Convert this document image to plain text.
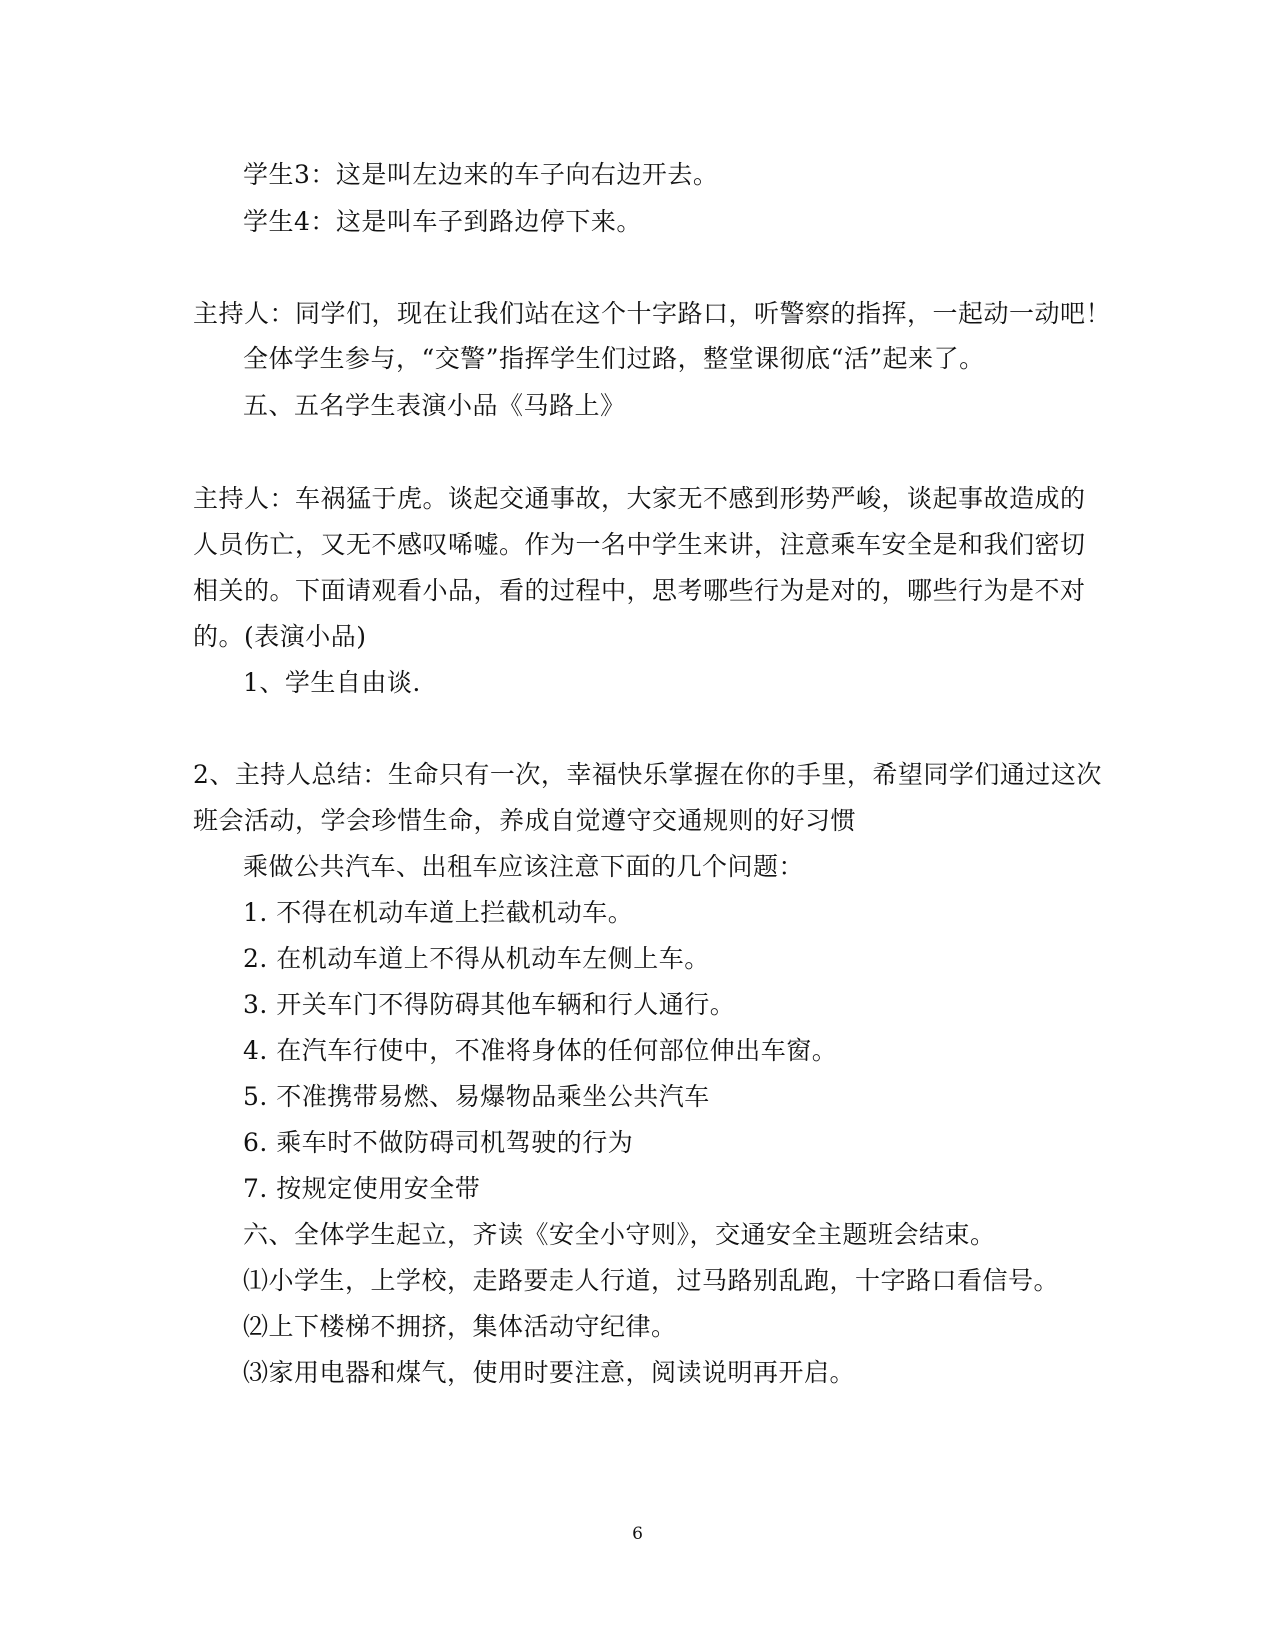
学生3：这是叫左边来的车子向右边开去。
学生4：这是叫车子到路边停下来。
主持人：同学们，现在让我们站在这个十字路口，听警察的指挥，一起动一动吧！
全体学生参与，“交警”指挥学生们过路，整堂课彻底“活”起来了。
五、五名学生表演小品《马路上》
主持人：车祸猛于虎。谈起交通事故，大家无不感到形势严峻，谈起事故造成的
人员伤亡，又无不感叹唏嘘。作为一名中学生来讲，注意乘车安全是和我们密切
相关的。下面请观看小品，看的过程中，思考哪些行为是对的，哪些行为是不对
的。(表演小品)
1、学生自由谈.
2、主持人总结：生命只有一次，幸福快乐掌握在你的手里，希望同学们通过这次
班会活动，学会珍惜生命，养成自觉遵守交通规则的好习惯
乘做公共汽车、出租车应该注意下面的几个问题：
1. 不得在机动车道上拦截机动车。
2. 在机动车道上不得从机动车左侧上车。
3. 开关车门不得防碍其他车辆和行人通行。
4. 在汽车行使中，不准将身体的任何部位伸出车窗。
5. 不准携带易燃、易爆物品乘坐公共汽车
6. 乘车时不做防碍司机驾驶的行为
7. 按规定使用安全带
六、全体学生起立，齐读《安全小守则》，交通安全主题班会结束。
⑴小学生，上学校，走路要走人行道，过马路别乱跑，十字路口看信号。
⑵上下楼梯不拥挤，集体活动守纪律。
⑶家用电器和煤气，使用时要注意，阅读说明再开启。
6
